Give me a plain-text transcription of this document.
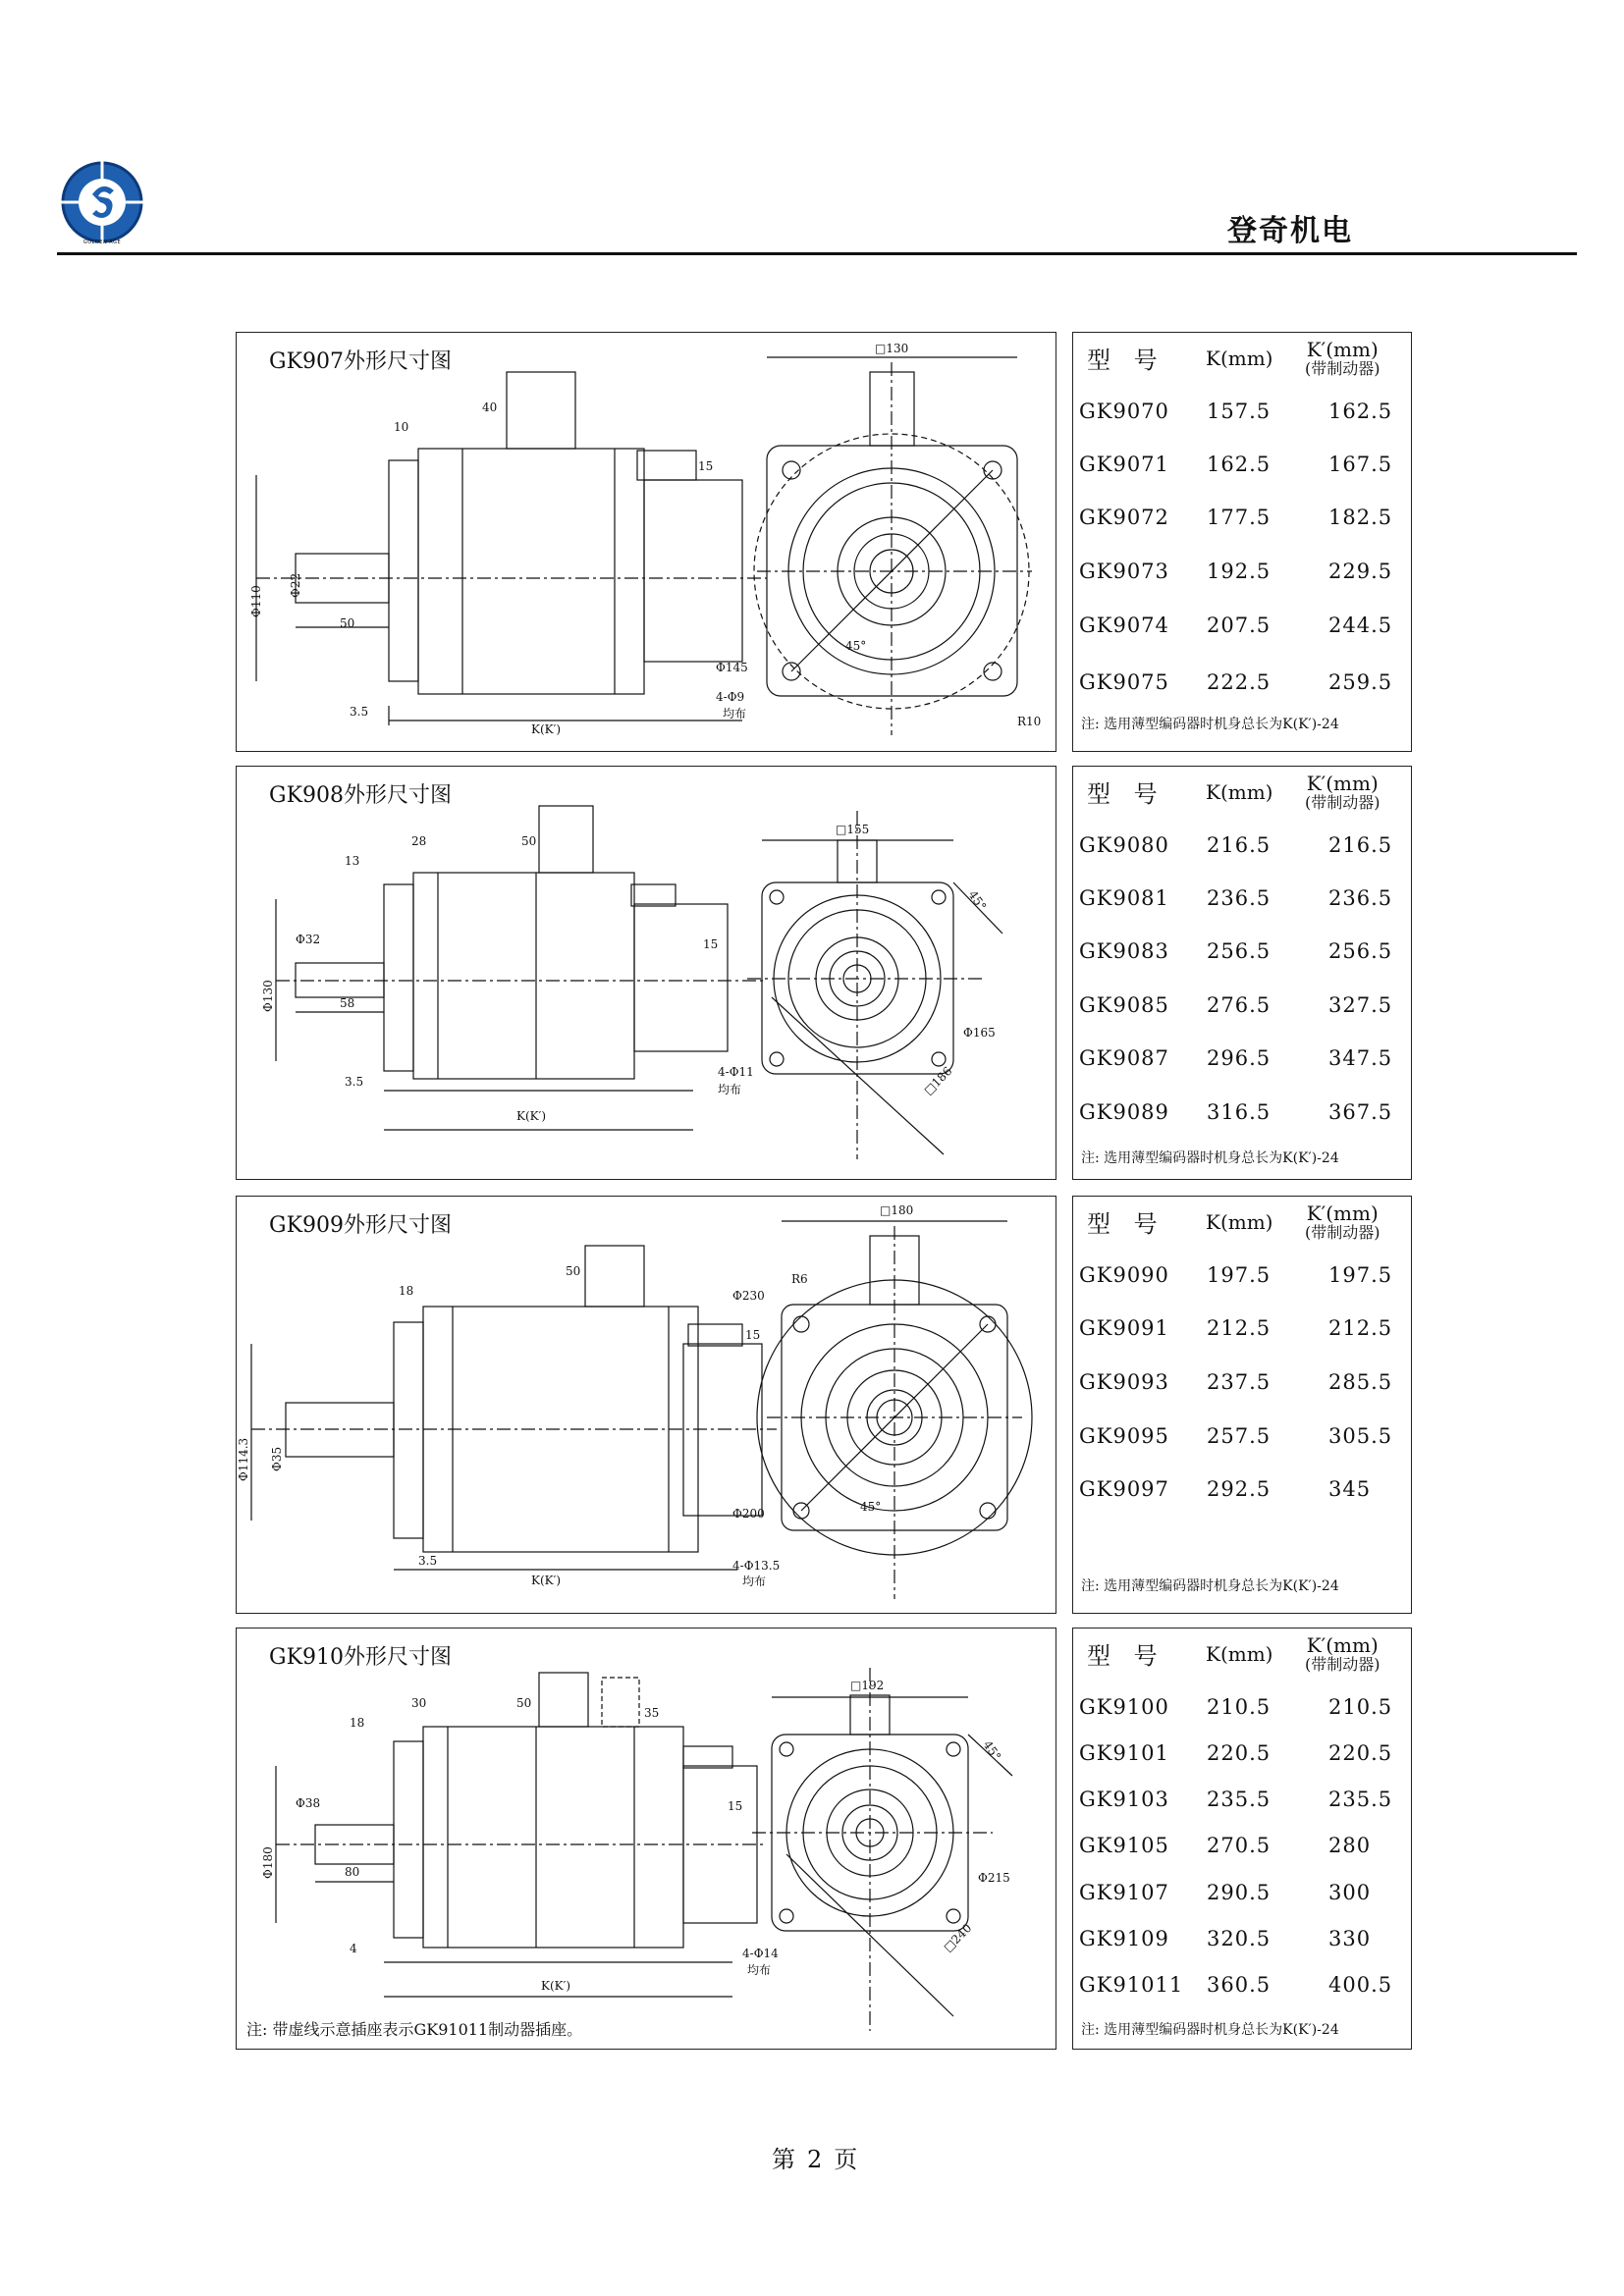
GOLDEN AGE	登奇机电
GK907外形尺寸图
K(K′)
50
10
40
15
3.5
Φ110 Φ22
□130
Φ145
4-Φ9
均布
45°
R10
型 号 K(mm) K′(mm)
(带制动器)
GK9070 157.5	162.5
GK9071 162.5	167.5
GK9072 177.5	182.5
GK9073 192.5	229.5
GK9074 207.5	244.5
GK9075 222.5	259.5
注: 选用薄型编码器时机身总长为K(K′)-24
GK908外形尺寸图
K(K′)
58
28
13
50
15
3.5
Φ130
Φ32
□155
Φ165
4-Φ11
均布
45°
□186
型 号 K(mm) K′(mm)
(带制动器)
GK9080 216.5	216.5
GK9081 236.5	236.5
GK9083 256.5	256.5
GK9085 276.5	327.5
GK9087 296.5	347.5
GK9089 316.5	367.5
注: 选用薄型编码器时机身总长为K(K′)-24
GK909外形尺寸图
K(K′)
18
50
15
3.5
Φ114.3 Φ35
□180
Φ200
Φ230
R6
4-Φ13.5
均布
45°
型 号 K(mm) K′(mm)
(带制动器)
GK9090 197.5	197.5
GK9091 212.5	212.5
GK9093 237.5	285.5
GK9095 257.5	305.5
GK9097 292.5	345
注: 选用薄型编码器时机身总长为K(K′)-24
GK910外形尺寸图
K(K′)
80
30
18
50
35
15
4
Φ180
Φ38
□192
Φ215
4-Φ14
均布
45°
□240
注: 带虚线示意插座表示GK91011制动器插座。
型 号 K(mm) K′(mm)
(带制动器)
GK9100 210.5	210.5
GK9101 220.5	220.5
GK9103 235.5	235.5
GK9105 270.5	280
GK9107 290.5	300
GK9109 320.5	330
GK91011 360.5	400.5
注: 选用薄型编码器时机身总长为K(K′)-24
第 2 页
